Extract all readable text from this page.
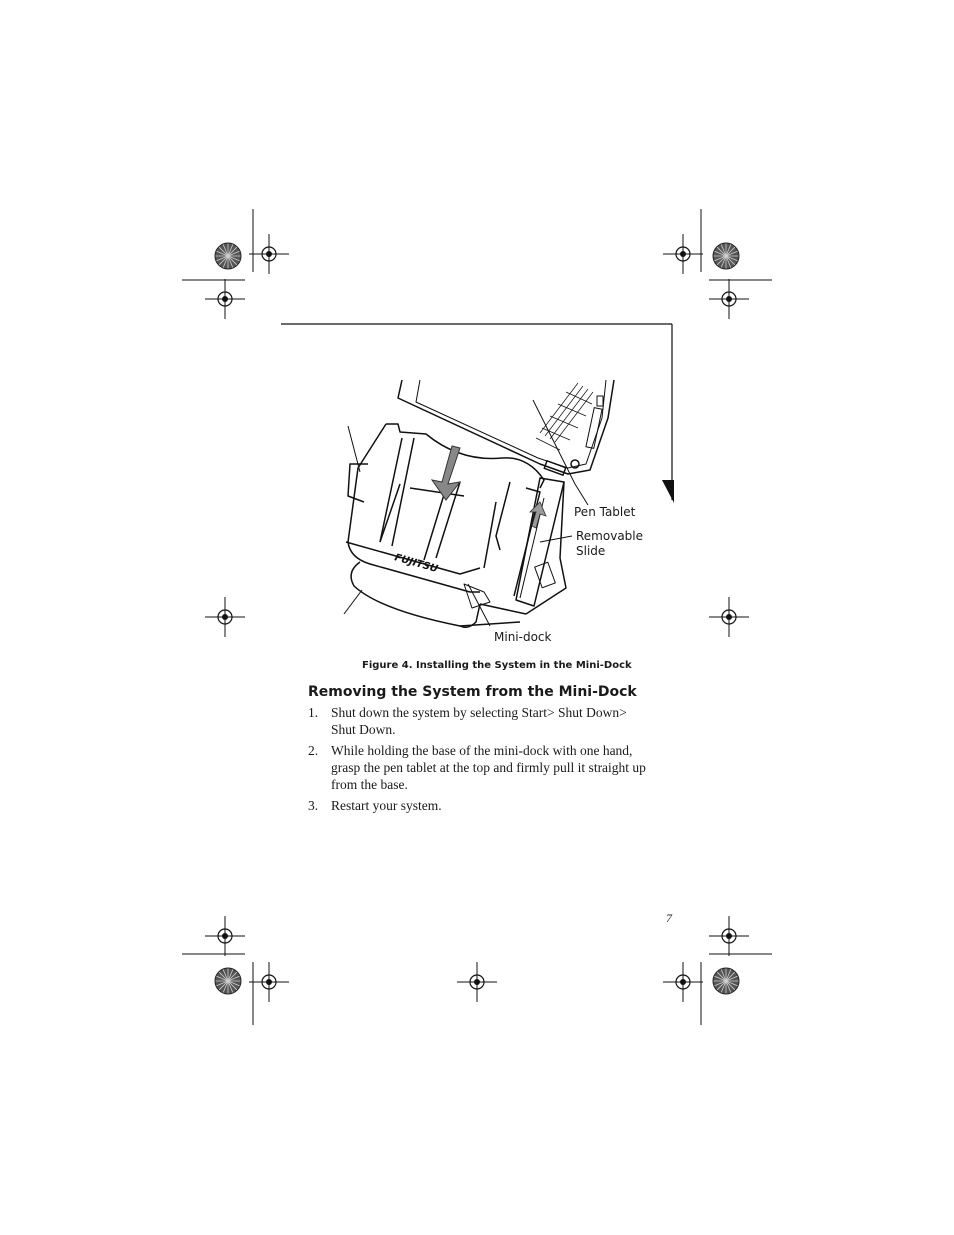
FUJITSU
Pen Tablet
Removable
Slide
Mini-dock
Figure 4. Installing the System in the Mini-Dock
Removing the System from the Mini-Dock
1. Shut down the system by selecting Start> Shut Down> Shut Down.
2. While holding the base of the mini-dock with one hand, grasp the pen tablet at the top and firmly pull it straight up from the base.
3. Restart your system.
7
